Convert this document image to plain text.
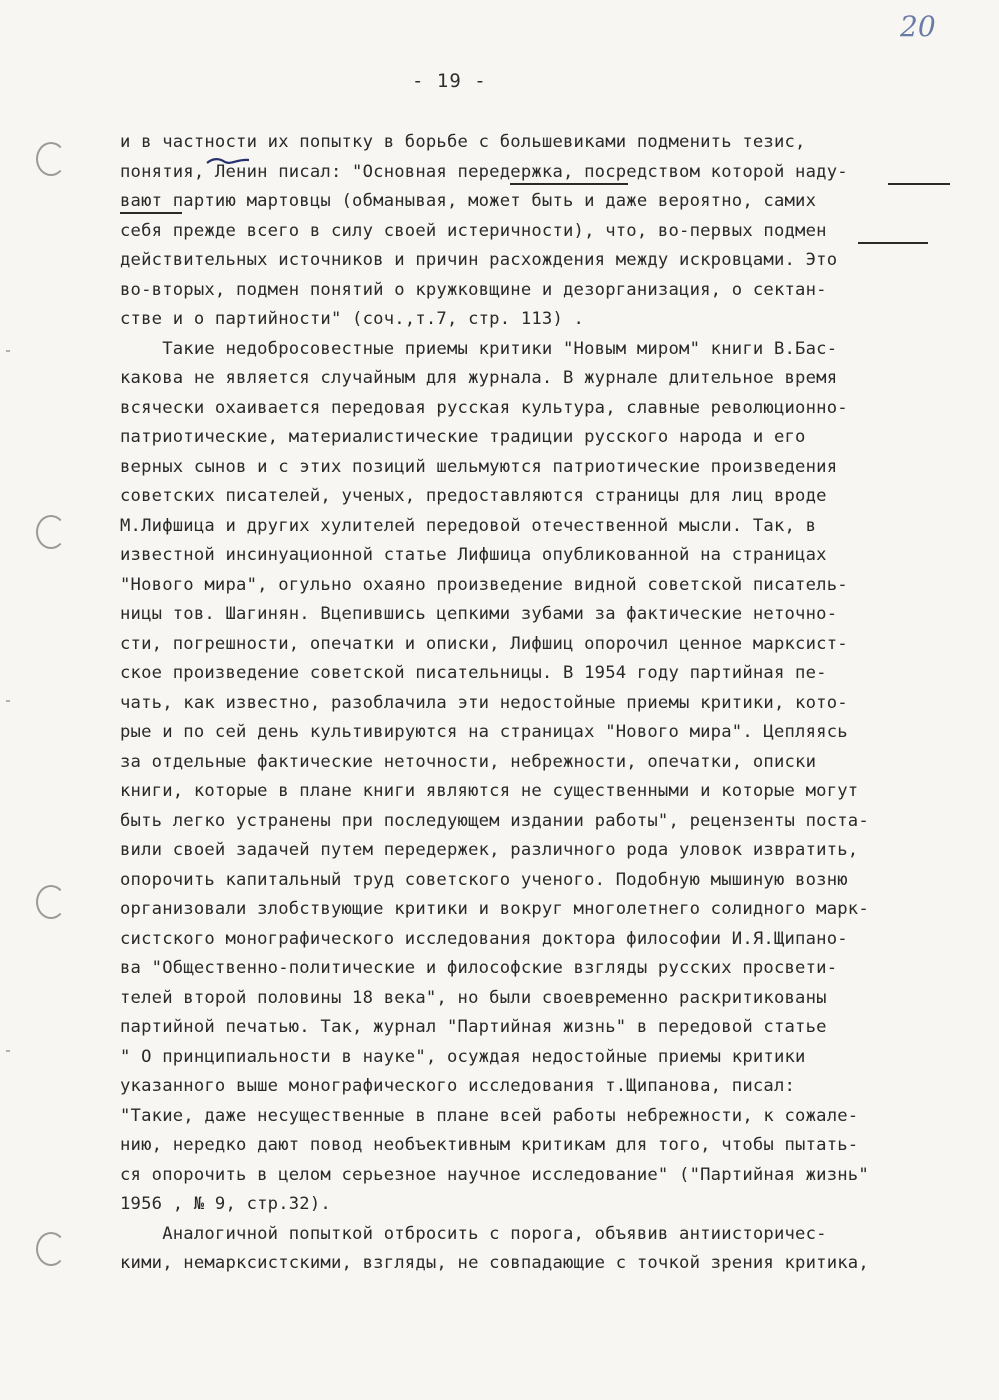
20
- 19 -
и в частности их попытку в борьбе с большевиками подменить тезис,
понятия, Ленин писал: "Основная передержка, посредством которой наду-
вают партию мартовцы (обманывая, может быть и даже вероятно, самих
себя прежде всего в силу своей истеричности), что, во-первых подмен
действительных источников и причин расхождения между искровцами. Это
во-вторых, подмен понятий о кружковщине и дезорганизация, о сектан-
стве и о партийности" (соч.,т.7, стр. 113) .
Такие недобросовестные приемы критики "Новым миром" книги В.Бас-
какова не является случайным для журнала. В журнале длительное время
всячески охаивается передовая русская культура, славные революционно-
патриотические, материалистические традиции русского народа и его
верных сынов и с этих позиций шельмуются патриотические произведения
советских писателей, ученых, предоставляются страницы для лиц вроде
М.Лифшица и других хулителей передовой отечественной мысли. Так, в
известной инсинуационной статье Лифшица опубликованной на страницах
"Нового мира", огульно охаяно произведение видной советской писатель-
ницы тов. Шагинян. Вцепившись цепкими зубами за фактические неточно-
сти, погрешности, опечатки и описки, Лифшиц опорочил ценное марксист-
ское произведение советской писательницы. В 1954 году партийная пе-
чать, как известно, разоблачила эти недостойные приемы критики, кото-
рые и по сей день культивируются на страницах "Нового мира". Цепляясь
за отдельные фактические неточности, небрежности, опечатки, описки
книги, которые в плане книги являются не существенными и которые могут
быть легко устранены при последующем издании работы", рецензенты поста-
вили своей задачей путем передержек, различного рода уловок извратить,
опорочить капитальный труд советского ученого. Подобную мышиную возню
организовали злобствующие критики и вокруг многолетнего солидного марк-
систского монографического исследования доктора философии И.Я.Щипано-
ва "Общественно-политические и философские взгляды русских просвети-
телей второй половины 18 века", но были своевременно раскритикованы
партийной печатью. Так, журнал "Партийная жизнь" в передовой статье
" О принципиальности в науке", осуждая недостойные приемы критики
указанного выше монографического исследования т.Щипанова, писал:
"Такие, даже несущественные в плане всей работы небрежности, к сожале-
нию, нередко дают повод необъективным критикам для того, чтобы пытать-
ся опорочить в целом серьезное научное исследование" ("Партийная жизнь"
1956 , № 9, стр.32).
Аналогичной попыткой отбросить с порога, объявив антиисторичес-
кими, немарксистскими, взгляды, не совпадающие с точкой зрения критика,
